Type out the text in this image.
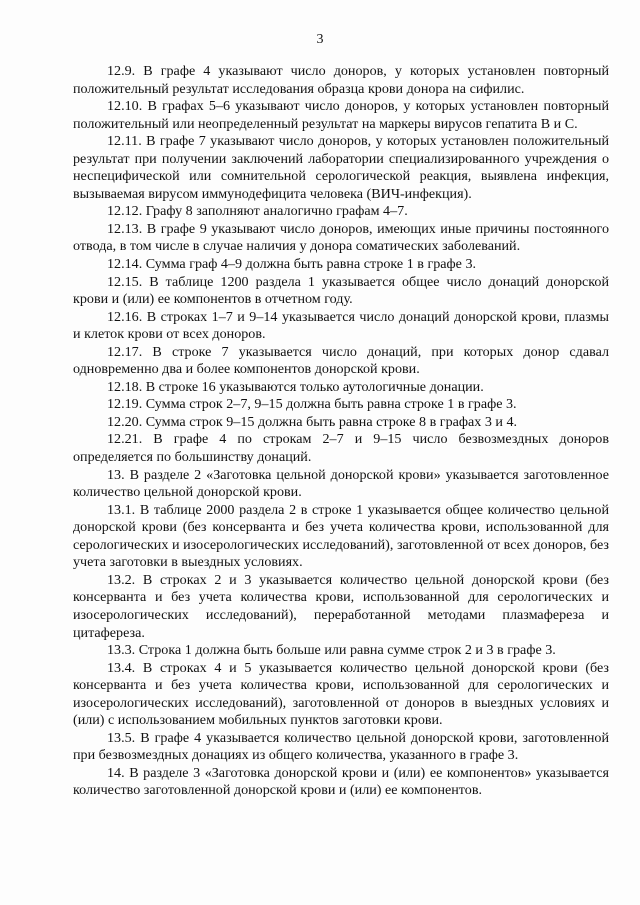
3

12.9. В графе 4 указывают число доноров, у которых установлен повторный положительный результат исследования образца крови донора на сифилис.

12.10. В графах 5–6 указывают число доноров, у которых установлен повторный положительный или неопределенный результат на маркеры вирусов гепатита В и С.

12.11. В графе 7 указывают число доноров, у которых установлен положительный результат при получении заключений лаборатории специализированного учреждения о неспецифической или сомнительной серологической реакция, выявлена инфекция, вызываемая вирусом иммунодефицита человека (ВИЧ-инфекция).

12.12. Графу 8 заполняют аналогично графам 4–7.

12.13. В графе 9 указывают число доноров, имеющих иные причины постоянного отвода, в том числе в случае наличия у донора соматических заболеваний.

12.14. Сумма граф 4–9 должна быть равна строке 1 в графе 3.

12.15. В таблице 1200 раздела 1 указывается общее число донаций донорской крови и (или) ее компонентов в отчетном году.

12.16. В строках 1–7 и 9–14 указывается число донаций донорской крови, плазмы и клеток крови от всех доноров.

12.17. В строке 7 указывается число донаций, при которых донор сдавал одновременно два и более компонентов донорской крови.

12.18. В строке 16 указываются только аутологичные донации.

12.19. Сумма строк 2–7, 9–15 должна быть равна строке 1 в графе 3.

12.20. Сумма строк 9–15 должна быть равна строке 8 в графах 3 и 4.

12.21. В графе 4 по строкам 2–7 и 9–15 число безвозмездных доноров определяется по большинству донаций.

13. В разделе 2 «Заготовка цельной донорской крови» указывается заготовленное количество цельной донорской крови.

13.1. В таблице 2000 раздела 2 в строке 1 указывается общее количество цельной донорской крови (без консерванта и без учета количества крови, использованной для серологических и изосерологических исследований), заготовленной от всех доноров, без учета заготовки в выездных условиях.

13.2. В строках 2 и 3 указывается количество цельной донорской крови (без консерванта и без учета количества крови, использованной для серологических и изосерологических исследований), переработанной методами плазмафереза и цитафереза.

13.3. Строка 1 должна быть больше или равна сумме строк 2 и 3 в графе 3.

13.4. В строках 4 и 5 указывается количество цельной донорской крови (без консерванта и без учета количества крови, использованной для серологических и изосерологических исследований), заготовленной от доноров в выездных условиях и (или) с использованием мобильных пунктов заготовки крови.

13.5. В графе 4 указывается количество цельной донорской крови, заготовленной при безвозмездных донациях из общего количества, указанного в графе 3.

14. В разделе 3 «Заготовка донорской крови и (или) ее компонентов» указывается количество заготовленной донорской крови и (или) ее компонентов.
